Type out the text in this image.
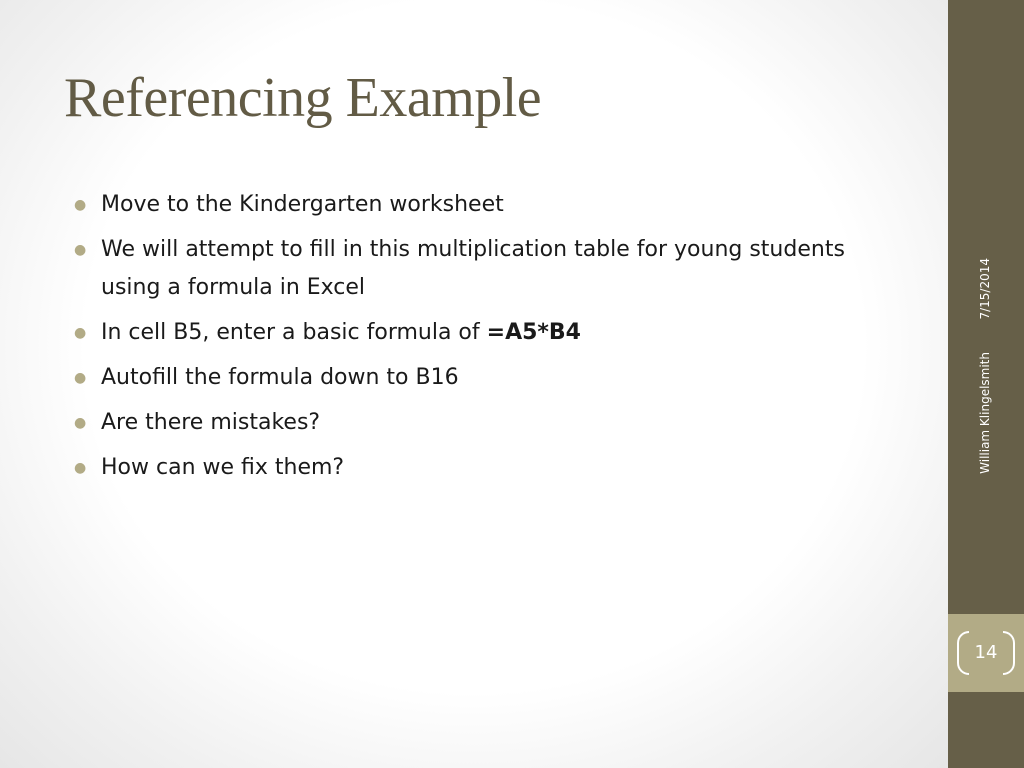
Referencing Example
● Move to the Kindergarten worksheet
● We will attempt to fill in this multiplication table for young students using a formula in Excel
● In cell B5, enter a basic formula of =A5*B4
● Autofill the formula down to B16
● Are there mistakes?
● How can we fix them?
7/15/2014
William Klingelsmith
14
